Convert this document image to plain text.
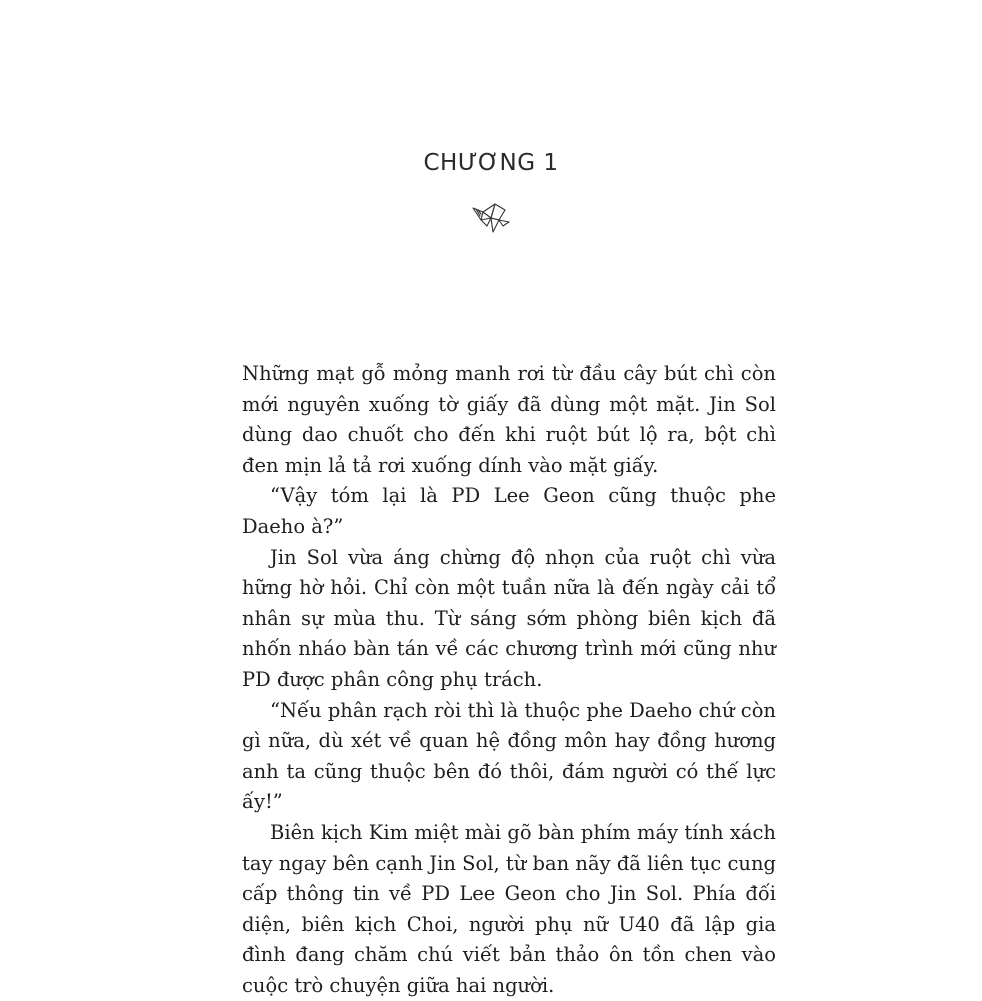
CHƯƠNG 1

Những mạt gỗ mỏng manh rơi từ đầu cây bút chì còn mới nguyên xuống tờ giấy đã dùng một mặt. Jin Sol dùng dao chuốt cho đến khi ruột bút lộ ra, bột chì đen mịn lả tả rơi xuống dính vào mặt giấy.

“Vậy tóm lại là PD Lee Geon cũng thuộc phe Daeho à?”

Jin Sol vừa áng chừng độ nhọn của ruột chì vừa hững hờ hỏi. Chỉ còn một tuần nữa là đến ngày cải tổ nhân sự mùa thu. Từ sáng sớm phòng biên kịch đã nhốn nháo bàn tán về các chương trình mới cũng như PD được phân công phụ trách.

“Nếu phân rạch ròi thì là thuộc phe Daeho chứ còn gì nữa, dù xét về quan hệ đồng môn hay đồng hương anh ta cũng thuộc bên đó thôi, đám người có thế lực ấy!”

Biên kịch Kim miệt mài gõ bàn phím máy tính xách tay ngay bên cạnh Jin Sol, từ ban nãy đã liên tục cung cấp thông tin về PD Lee Geon cho Jin Sol. Phía đối diện, biên kịch Choi, người phụ nữ U40 đã lập gia đình đang chăm chú viết bản thảo ôn tồn chen vào cuộc trò chuyện giữa hai người.
